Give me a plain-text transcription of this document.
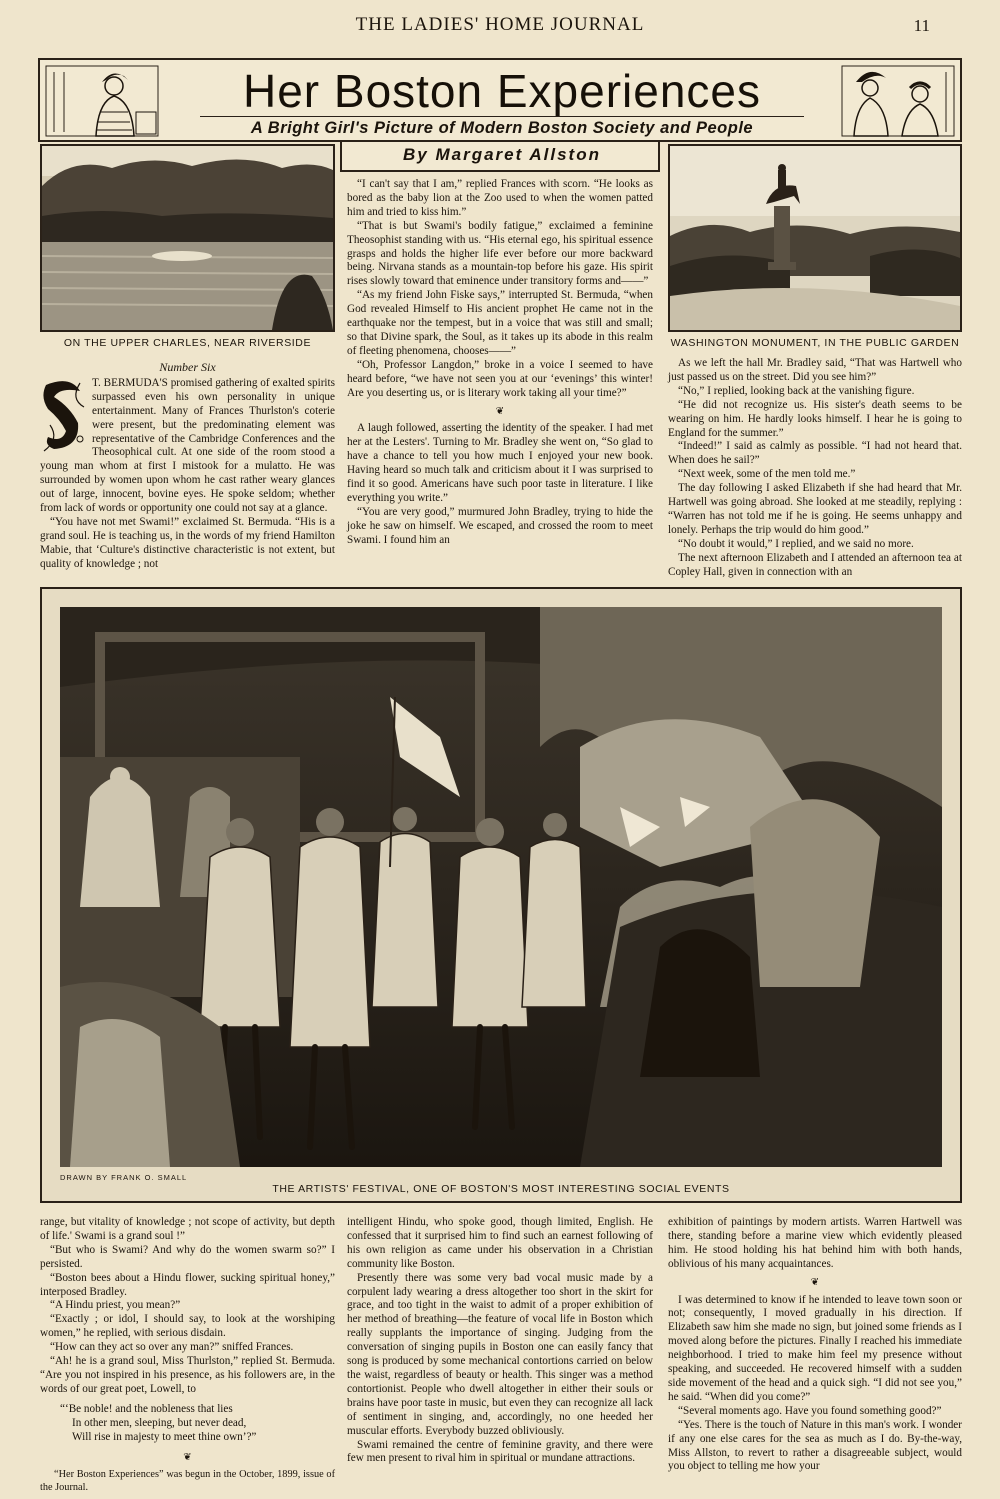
THE LADIES' HOME JOURNAL	11
Her Boston Experiences
A Bright Girl's Picture of Modern Boston Society and People
By Margaret Allston
ON THE UPPER CHARLES, NEAR RIVERSIDE	WASHINGTON MONUMENT, IN THE PUBLIC GARDEN
Number Six

T. BERMUDA'S promised gathering of exalted spirits surpassed even his own personality in unique entertainment. Many of Frances Thurlston's coterie were present, but the predominating element was representative of the Cambridge Conferences and the Theosophical cult. At one side of the room stood a young man whom at first I mistook for a mulatto. He was surrounded by women upon whom he cast rather weary glances out of large, innocent, bovine eyes. He spoke seldom; whether from lack of words or opportunity one could not say at a glance.

“You have not met Swami!” exclaimed St. Bermuda. “His is a grand soul. He is teaching us, in the words of my friend Hamilton Mabie, that ‘Culture's distinctive characteristic is not extent, but quality of knowledge ; not

“I can't say that I am,” replied Frances with scorn. “He looks as bored as the baby lion at the Zoo used to when the women patted him and tried to kiss him.”

“That is but Swami's bodily fatigue,” exclaimed a feminine Theosophist standing with us. “His eternal ego, his spiritual essence grasps and holds the higher life ever before our more backward being. Nirvana stands as a mountain-top before his gaze. His spirit rises slowly toward that eminence under transitory forms and——”

“As my friend John Fiske says,” interrupted St. Bermuda, “when God revealed Himself to His ancient prophet He came not in the earthquake nor the tempest, but in a voice that was still and small; so that Divine spark, the Soul, as it takes up its abode in this realm of fleeting phenomena, chooses——”

“Oh, Professor Langdon,” broke in a voice I seemed to have heard before, “we have not seen you at our ‘evenings’ this winter! Are you deserting us, or is literary work taking all your time?”

❦

A laugh followed, asserting the identity of the speaker. I had met her at the Lesters'. Turning to Mr. Bradley she went on, “So glad to have a chance to tell you how much I enjoyed your new book. Having heard so much talk and criticism about it I was surprised to find it so good. Americans have such poor taste in literature. I like everything you write.”

“You are very good,” murmured John Bradley, trying to hide the joke he saw on himself. We escaped, and crossed the room to meet Swami. I found him an

As we left the hall Mr. Bradley said, “That was Hartwell who just passed us on the street. Did you see him?”

“No,” I replied, looking back at the vanishing figure.

“He did not recognize us. His sister's death seems to be wearing on him. He hardly looks himself. I hear he is going to England for the summer.”

“Indeed!” I said as calmly as possible. “I had not heard that. When does he sail?”

“Next week, some of the men told me.”

The day following I asked Elizabeth if she had heard that Mr. Hartwell was going abroad. She looked at me steadily, replying : “Warren has not told me if he is going. He seems unhappy and lonely. Perhaps the trip would do him good.”

“No doubt it would,” I replied, and we said no more.

The next afternoon Elizabeth and I attended an afternoon tea at Copley Hall, given in connection with an

DRAWN BY FRANK O. SMALL
THE ARTISTS' FESTIVAL, ONE OF BOSTON'S MOST INTERESTING SOCIAL EVENTS

range, but vitality of knowledge ; not scope of activity, but depth of life.' Swami is a grand soul !”

“But who is Swami? And why do the women swarm so?” I persisted.

“Boston bees about a Hindu flower, sucking spiritual honey,” interposed Bradley.

“A Hindu priest, you mean?”

“Exactly ; or idol, I should say, to look at the worshiping women,” he replied, with serious disdain.

“How can they act so over any man?” sniffed Frances.

“Ah! he is a grand soul, Miss Thurlston,” replied St. Bermuda. “Are you not inspired in his presence, as his followers are, in the words of our great poet, Lowell, to

“‘Be noble! and the nobleness that lies
In other men, sleeping, but never dead,
Will rise in majesty to meet thine own’?”
❦
“Her Boston Experiences” was begun in the October, 1899, issue of the Journal.

intelligent Hindu, who spoke good, though limited, English. He confessed that it surprised him to find such an earnest following of his own religion as came under his observation in a Christian community like Boston.

Presently there was some very bad vocal music made by a corpulent lady wearing a dress altogether too short in the skirt for grace, and too tight in the waist to admit of a proper exhibition of her method of breathing—the feature of vocal life in Boston which really supplants the importance of singing. Judging from the conversation of singing pupils in Boston one can easily fancy that song is produced by some mechanical contortions carried on below the waist, regardless of beauty or health. This singer was a method contortionist. People who dwell altogether in either their souls or brains have poor taste in music, but even they can recognize all lack of sentiment in singing, and, accordingly, no one heeded her muscular efforts. Everybody buzzed obliviously.

Swami remained the centre of feminine gravity, and there were few men present to rival him in spiritual or mundane attractions.

exhibition of paintings by modern artists. Warren Hartwell was there, standing before a marine view which evidently pleased him. He stood holding his hat behind him with both hands, oblivious of his many acquaintances.

❦

I was determined to know if he intended to leave town soon or not; consequently, I moved gradually in his direction. If Elizabeth saw him she made no sign, but joined some friends as I moved along before the pictures. Finally I reached his immediate neighborhood. I tried to make him feel my presence without speaking, and succeeded. He recovered himself with a sudden side movement of the head and a quick sigh. “I did not see you,” he said. “When did you come?”

“Several moments ago. Have you found something good?”

“Yes. There is the touch of Nature in this man's work. I wonder if any one else cares for the sea as much as I do. By-the-way, Miss Allston, to revert to rather a disagreeable subject, would you object to telling me how your
